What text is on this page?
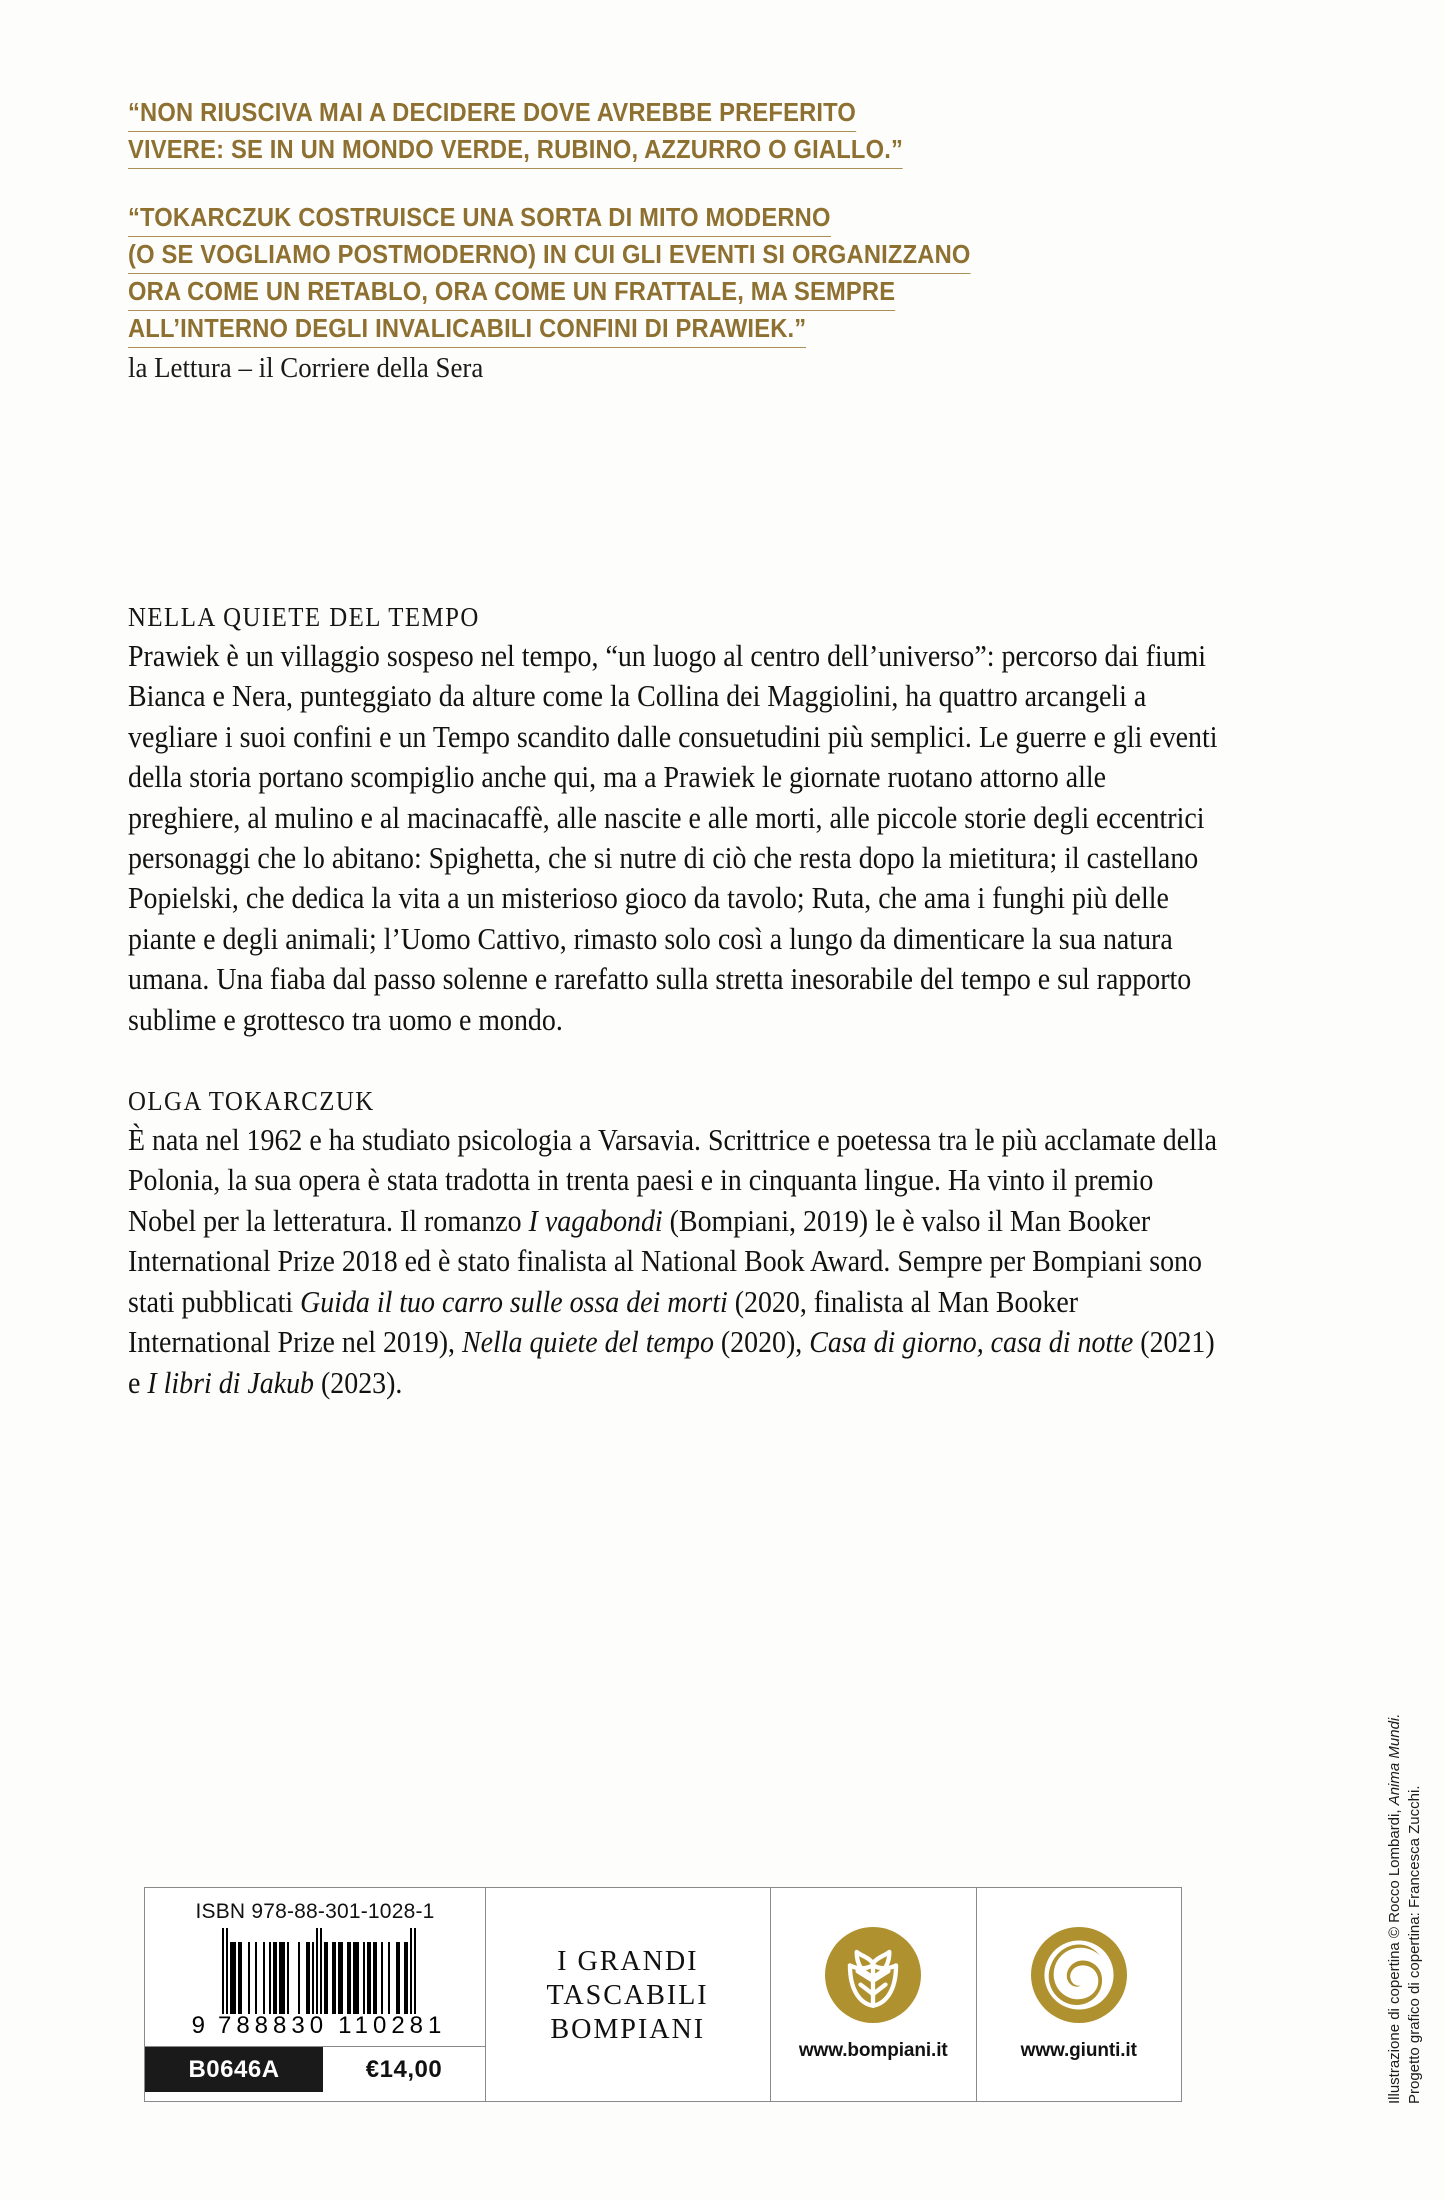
“NON RIUSCIVA MAI A DECIDERE DOVE AVREBBE PREFERITO
VIVERE: SE IN UN MONDO VERDE, RUBINO, AZZURRO O GIALLO.”
“TOKARCZUK COSTRUISCE UNA SORTA DI MITO MODERNO
(O SE VOGLIAMO POSTMODERNO) IN CUI GLI EVENTI SI ORGANIZZANO
ORA COME UN RETABLO, ORA COME UN FRATTALE, MA SEMPRE
ALL’INTERNO DEGLI INVALICABILI CONFINI DI PRAWIEK.”
la Lettura – il Corriere della Sera
NELLA QUIETE DEL TEMPO
Prawiek è un villaggio sospeso nel tempo, “un luogo al centro dell’universo”: percorso dai fiumi Bianca e Nera, punteggiato da alture come la Collina dei Maggiolini, ha quattro arcangeli a vegliare i suoi confini e un Tempo scandito dalle consuetudini più semplici. Le guerre e gli eventi della storia portano scompiglio anche qui, ma a Prawiek le giornate ruotano attorno alle preghiere, al mulino e al macinacaffè, alle nascite e alle morti, alle piccole storie degli eccentrici personaggi che lo abitano: Spighetta, che si nutre di ciò che resta dopo la mietitura; il castellano Popielski, che dedica la vita a un misterioso gioco da tavolo; Ruta, che ama i funghi più delle piante e degli animali; l’Uomo Cattivo, rimasto solo così a lungo da dimenticare la sua natura umana. Una fiaba dal passo solenne e rarefatto sulla stretta inesorabile del tempo e sul rapporto sublime e grottesco tra uomo e mondo.
OLGA TOKARCZUK
È nata nel 1962 e ha studiato psicologia a Varsavia. Scrittrice e poetessa tra le più acclamate della Polonia, la sua opera è stata tradotta in trenta paesi e in cinquanta lingue. Ha vinto il premio Nobel per la letteratura. Il romanzo I vagabondi (Bompiani, 2019) le è valso il Man Booker International Prize 2018 ed è stato finalista al National Book Award. Sempre per Bompiani sono stati pubblicati Guida il tuo carro sulle ossa dei morti (2020, finalista al Man Booker International Prize nel 2019), Nella quiete del tempo (2020), Casa di giorno, casa di notte (2021) e I libri di Jakub (2023).
ISBN 978-88-301-1028-1
9 788830 110281
B0646A	€14,00
I GRANDI
TASCABILI
BOMPIANI
www.bompiani.it	www.giunti.it	Illustrazione di copertina © Rocco Lombardi, Anima Mundi.
Progetto grafico di copertina: Francesca Zucchi.
